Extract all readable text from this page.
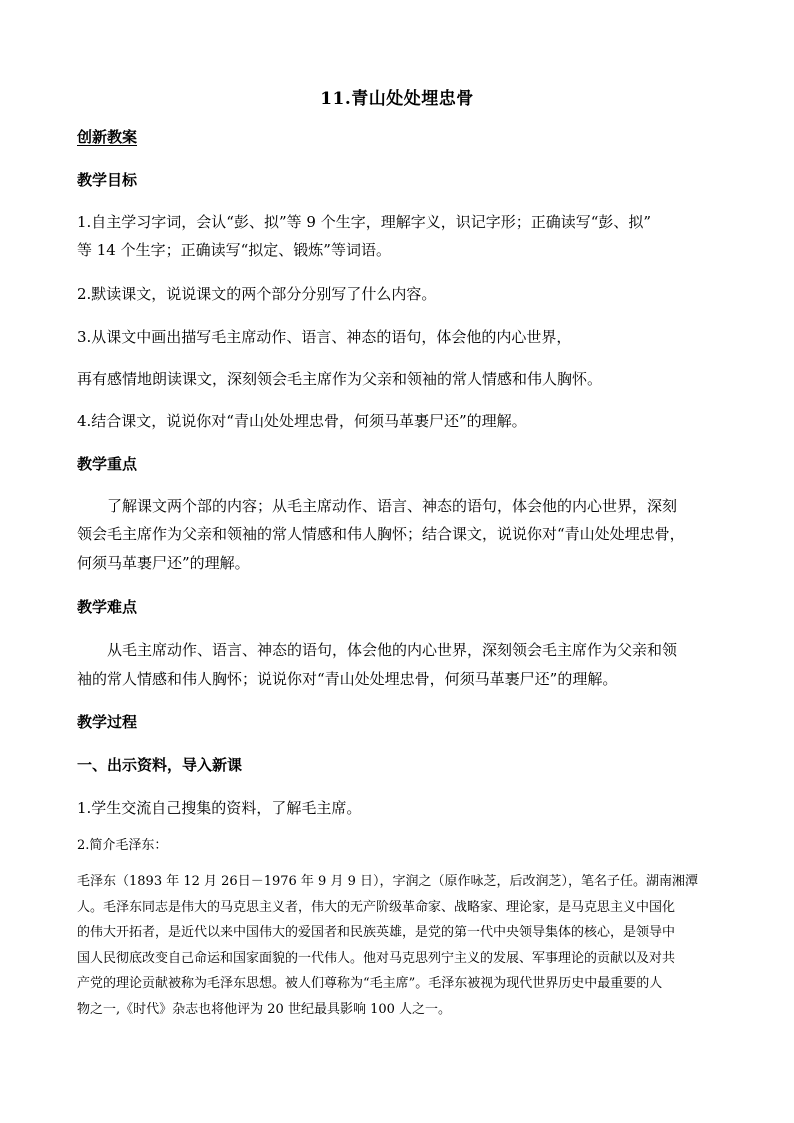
11.青山处处埋忠骨
创新教案
教学目标
1.自主学习字词，会认“彭、拟”等 9 个生字，理解字义，识记字形；正确读写“彭、拟”
等 14 个生字；正确读写“拟定、锻炼”等词语。
2.默读课文，说说课文的两个部分分别写了什么内容。
3.从课文中画出描写毛主席动作、语言、神态的语句，体会他的内心世界，
再有感情地朗读课文，深刻领会毛主席作为父亲和领袖的常人情感和伟人胸怀。
4.结合课文，说说你对“青山处处埋忠骨，何须马革裹尸还”的理解。
教学重点
了解课文两个部的内容；从毛主席动作、语言、神态的语句，体会他的内心世界，深刻
领会毛主席作为父亲和领袖的常人情感和伟人胸怀；结合课文，说说你对“青山处处埋忠骨，
何须马革裹尸还”的理解。
教学难点
从毛主席动作、语言、神态的语句，体会他的内心世界，深刻领会毛主席作为父亲和领
袖的常人情感和伟人胸怀；说说你对“青山处处埋忠骨，何须马革裹尸还”的理解。
教学过程
一、出示资料，导入新课
1.学生交流自己搜集的资料，了解毛主席。
2.简介毛泽东：
毛泽东（1893 年 12 月 26日－1976 年 9 月 9 日），字润之（原作咏芝，后改润芝），笔名子任。湖南湘潭
人。毛泽东同志是伟大的马克思主义者，伟大的无产阶级革命家、战略家、理论家，是马克思主义中国化
的伟大开拓者，是近代以来中国伟大的爱国者和民族英雄，是党的第一代中央领导集体的核心，是领导中
国人民彻底改变自己命运和国家面貌的一代伟人。他对马克思列宁主义的发展、军事理论的贡献以及对共
产党的理论贡献被称为毛泽东思想。被人们尊称为“毛主席”。毛泽东被视为现代世界历史中最重要的人
物之一,《时代》杂志也将他评为 20 世纪最具影响 100 人之一。
